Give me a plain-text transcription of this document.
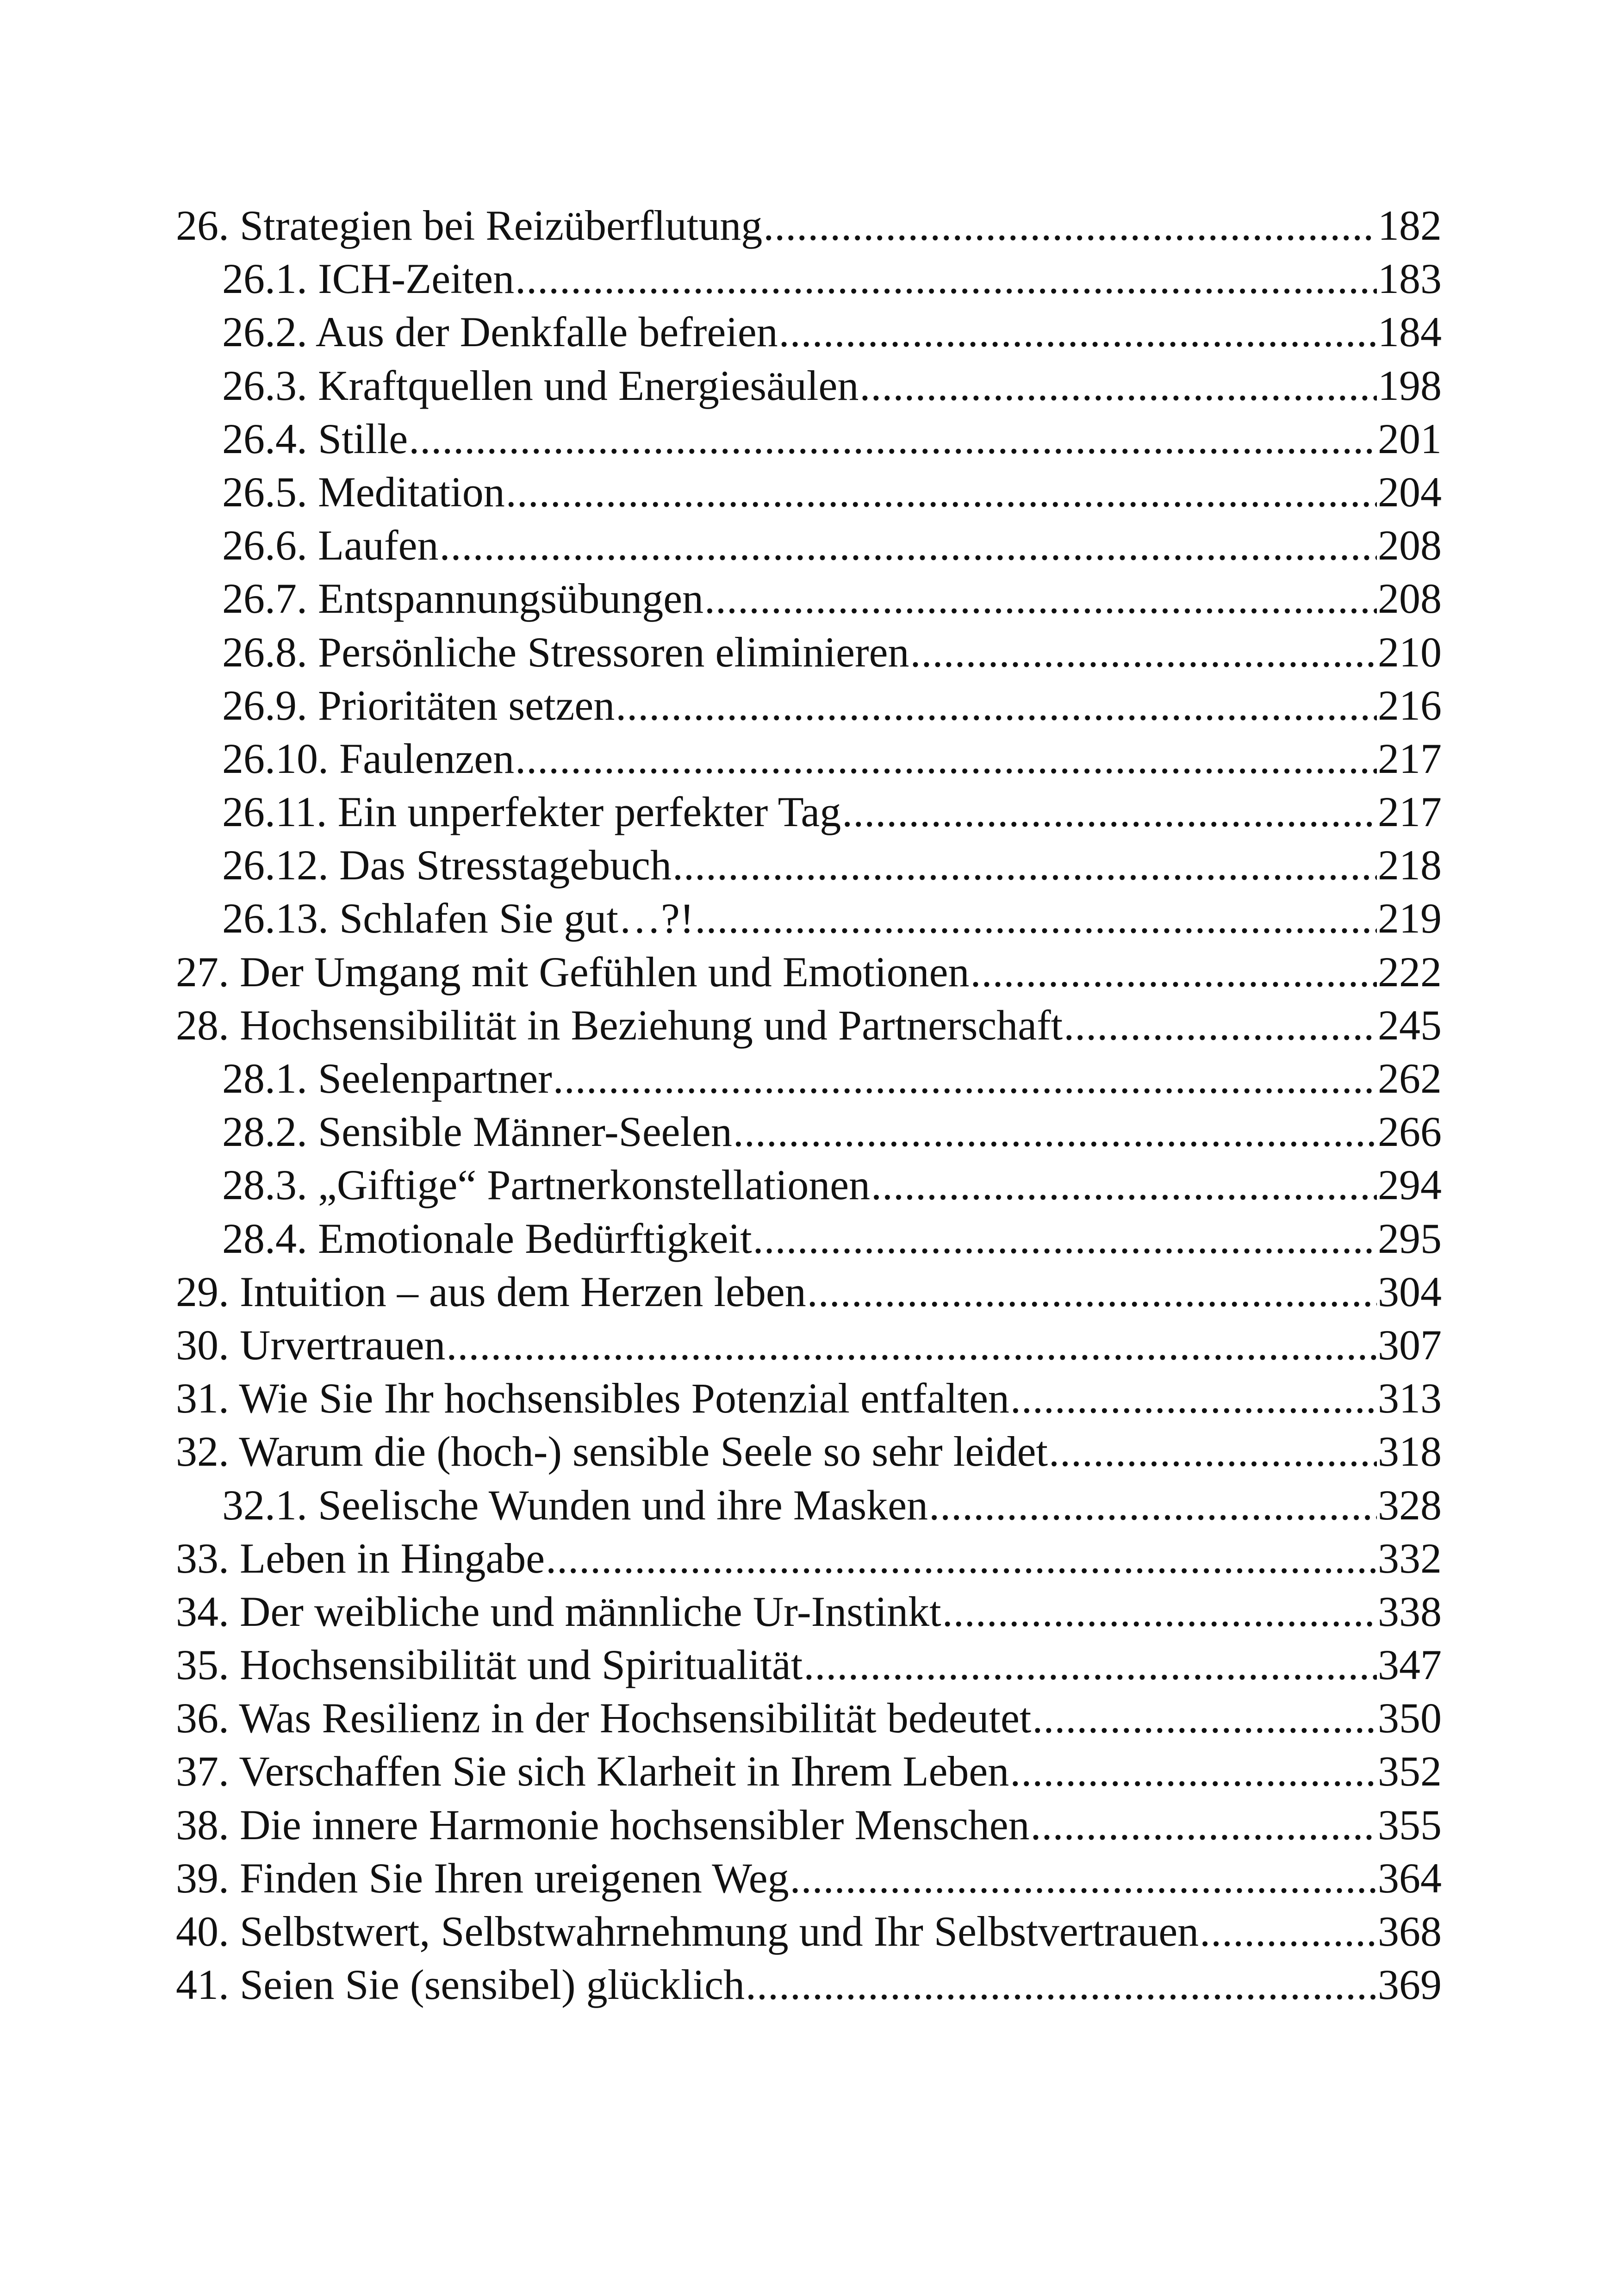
26. Strategien bei Reizüberflutung .....	182
26.1. ICH-Zeiten .....	183
26.2. Aus der Denkfalle befreien .....	184
26.3. Kraftquellen und Energiesäulen .....	198
26.4. Stille .....	201
26.5. Meditation .....	204
26.6. Laufen .....	208
26.7. Entspannungsübungen .....	208
26.8. Persönliche Stressoren eliminieren .....	210
26.9. Prioritäten setzen .....	216
26.10. Faulenzen .....	217
26.11. Ein unperfekter perfekter Tag .....	217
26.12. Das Stresstagebuch .....	218
26.13. Schlafen Sie gut…?! .....	219
27. Der Umgang mit Gefühlen und Emotionen .....	222
28. Hochsensibilität in Beziehung und Partnerschaft .....	245
28.1. Seelenpartner .....	262
28.2. Sensible Männer-Seelen .....	266
28.3. „Giftige“ Partnerkonstellationen .....	294
28.4. Emotionale Bedürftigkeit .....	295
29. Intuition – aus dem Herzen leben .....	304
30. Urvertrauen .....	307
31. Wie Sie Ihr hochsensibles Potenzial entfalten .....	313
32. Warum die (hoch-) sensible Seele so sehr leidet .....	318
32.1. Seelische Wunden und ihre Masken .....	328
33. Leben in Hingabe .....	332
34. Der weibliche und männliche Ur-Instinkt .....	338
35. Hochsensibilität und Spiritualität .....	347
36. Was Resilienz in der Hochsensibilität bedeutet .....	350
37. Verschaffen Sie sich Klarheit in Ihrem Leben .....	352
38. Die innere Harmonie hochsensibler Menschen .....	355
39. Finden Sie Ihren ureigenen Weg .....	364
40. Selbstwert, Selbstwahrnehmung und Ihr Selbstvertrauen .....	368
41. Seien Sie (sensibel) glücklich .....	369
